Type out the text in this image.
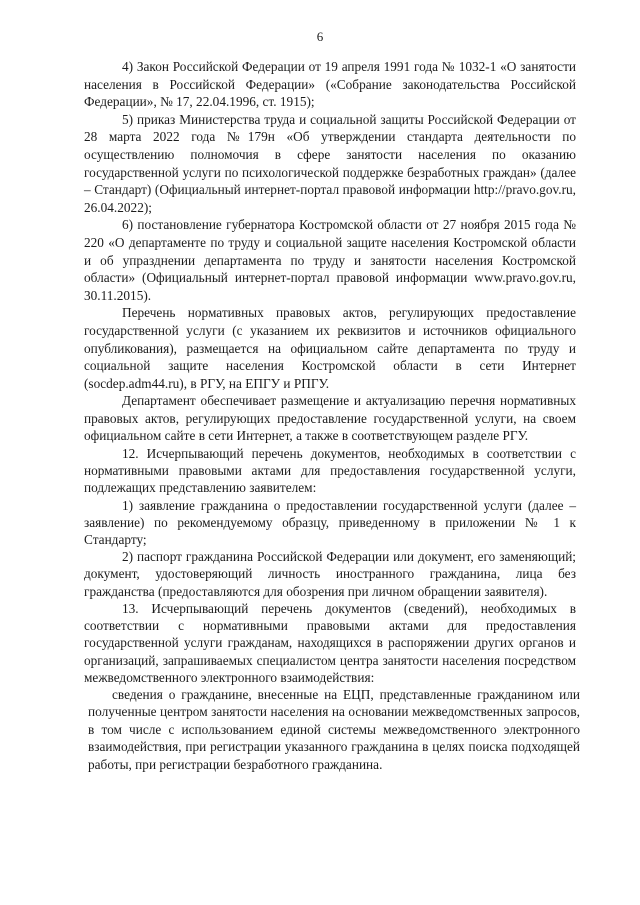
6

4) Закон Российской Федерации от 19 апреля 1991 года № 1032-1 «О занятости населения в Российской Федерации» («Собрание законодательства Российской Федерации», № 17, 22.04.1996, ст. 1915);

5) приказ Министерства труда и социальной защиты Российской Федерации от 28 марта 2022 года №179н «Об утверждении стандарта деятельности по осуществлению полномочия в сфере занятости населения по оказанию государственной услуги по психологической поддержке безработных граждан» (далее – Стандарт) (Официальный интернет-портал правовой информации http://pravo.gov.ru, 26.04.2022);

6) постановление губернатора Костромской области от 27 ноября 2015 года № 220 «О департаменте по труду и социальной защите населения Костромской области и об упразднении департамента по труду и занятости населения Костромской области» (Официальный интернет-портал правовой информации www.pravo.gov.ru, 30.11.2015).

Перечень нормативных правовых актов, регулирующих предоставление государственной услуги (с указанием их реквизитов и источников официального опубликования), размещается на официальном сайте департамента по труду и социальной защите населения Костромской области в сети Интернет (socdep.adm44.ru), в РГУ, на ЕПГУ и РПГУ.

Департамент обеспечивает размещение и актуализацию перечня нормативных правовых актов, регулирующих предоставление государственной услуги, на своем официальном сайте в сети Интернет, а также в соответствующем разделе РГУ.

12. Исчерпывающий перечень документов, необходимых в соответствии с нормативными правовыми актами для предоставления государственной услуги, подлежащих представлению заявителем:

1) заявление гражданина о предоставлении государственной услуги (далее – заявление) по рекомендуемому образцу, приведенному в приложении № 1 к Стандарту;

2) паспорт гражданина Российской Федерации или документ, его заменяющий; документ, удостоверяющий личность иностранного гражданина, лица без гражданства (предоставляются для обозрения при личном обращении заявителя).

13. Исчерпывающий перечень документов (сведений), необходимых в соответствии с нормативными правовыми актами для предоставления государственной услуги гражданам, находящихся в распоряжении других органов и организаций, запрашиваемых специалистом центра занятости населения посредством межведомственного электронного взаимодействия:

сведения о гражданине, внесенные на ЕЦП, представленные гражданином или полученные центром занятости населения на основании межведомственных запросов, в том числе с использованием единой системы межведомственного электронного взаимодействия, при регистрации указанного гражданина в целях поиска подходящей работы, при регистрации безработного гражданина.
